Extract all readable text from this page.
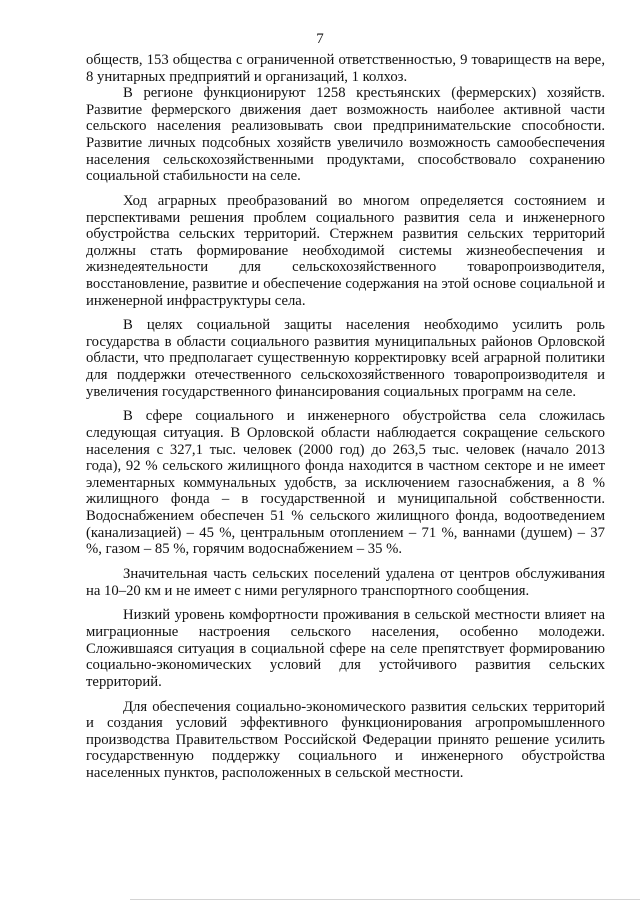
7

обществ, 153 общества с ограниченной ответственностью, 9 товариществ на вере, 8 унитарных предприятий и организаций, 1 колхоз.

В регионе функционируют 1258 крестьянских (фермерских) хозяйств. Развитие фермерского движения дает возможность наиболее активной части сельского населения реализовывать свои предпринимательские способности. Развитие личных подсобных хозяйств увеличило возможность самообеспечения населения сельскохозяйственными продуктами, способствовало сохранению социальной стабильности на селе.

Ход аграрных преобразований во многом определяется состоянием и перспективами решения проблем социального развития села и инженерного обустройства сельских территорий. Стержнем развития сельских территорий должны стать формирование необходимой системы жизнеобеспечения и жизнедеятельности для сельскохозяйственного товаропроизводителя, восстановление, развитие и обеспечение содержания на этой основе социальной и инженерной инфраструктуры села.

В целях социальной защиты населения необходимо усилить роль государства в области социального развития муниципальных районов Орловской области, что предполагает существенную корректировку всей аграрной политики для поддержки отечественного сельскохозяйственного товаропроизводителя и увеличения государственного финансирования социальных программ на селе.

В сфере социального и инженерного обустройства села сложилась следующая ситуация. В Орловской области наблюдается сокращение сельского населения с 327,1 тыс. человек (2000 год) до 263,5 тыс. человек (начало 2013 года), 92 % сельского жилищного фонда находится в частном секторе и не имеет элементарных коммунальных удобств, за исключением газоснабжения, а 8 % жилищного фонда – в государственной и муниципальной собственности. Водоснабжением обеспечен 51 % сельского жилищного фонда, водоотведением (канализацией) – 45 %, центральным отоплением – 71 %, ваннами (душем) – 37 %, газом – 85 %, горячим водоснабжением – 35 %.

Значительная часть сельских поселений удалена от центров обслуживания на 10–20 км и не имеет с ними регулярного транспортного сообщения.

Низкий уровень комфортности проживания в сельской местности влияет на миграционные настроения сельского населения, особенно молодежи. Сложившаяся ситуация в социальной сфере на селе препятствует формированию социально-экономических условий для устойчивого развития сельских территорий.

Для обеспечения социально-экономического развития сельских территорий и создания условий эффективного функционирования агропромышленного производства Правительством Российской Федерации принято решение усилить государственную поддержку социального и инженерного обустройства населенных пунктов, расположенных в сельской местности.
